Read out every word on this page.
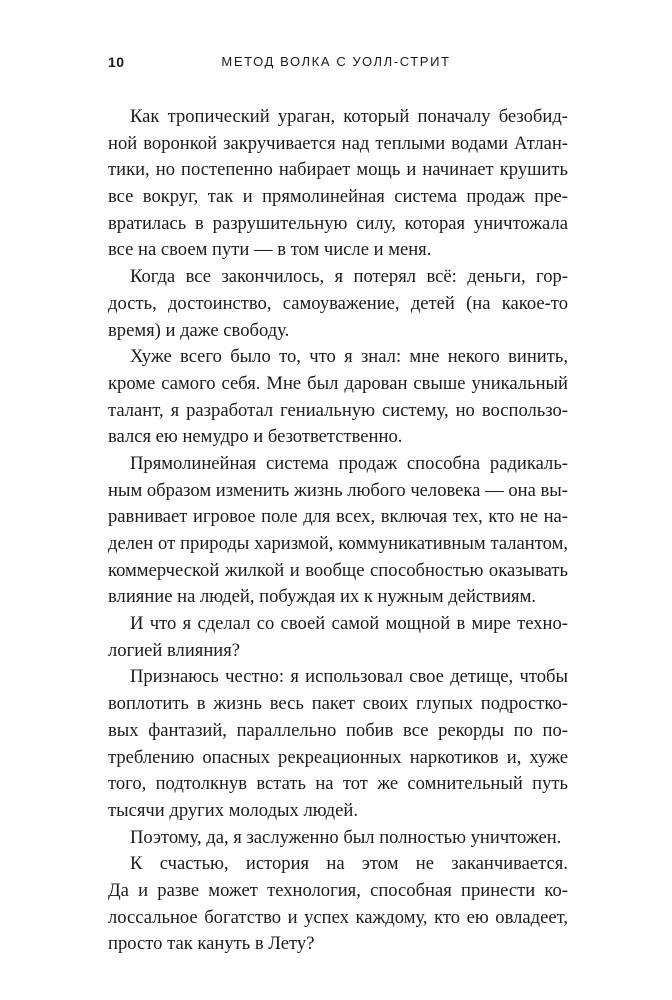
10	МЕТОД ВОЛКА С УОЛЛ-СТРИТ
Как тропический ураган, который поначалу безобид-
ной воронкой закручивается над теплыми водами Атлан-
тики, но постепенно набирает мощь и начинает крушить
все вокруг, так и прямолинейная система продаж пре-
вратилась в разрушительную силу, которая уничтожала
все на своем пути — в том числе и меня.
Когда все закончилось, я потерял всё: деньги, гор-
дость, достоинство, самоуважение, детей (на какое-то
время) и даже свободу.
Хуже всего было то, что я знал: мне некого винить,
кроме самого себя. Мне был дарован свыше уникальный
талант, я разработал гениальную систему, но воспользо-
вался ею немудро и безответственно.
Прямолинейная система продаж способна радикаль-
ным образом изменить жизнь любого человека — она вы-
равнивает игровое поле для всех, включая тех, кто не на-
делен от природы харизмой, коммуникативным талантом,
коммерческой жилкой и вообще способностью оказывать
влияние на людей, побуждая их к нужным действиям.
И что я сделал со своей самой мощной в мире техно-
логией влияния?
Признаюсь честно: я использовал свое детище, чтобы
воплотить в жизнь весь пакет своих глупых подростко-
вых фантазий, параллельно побив все рекорды по по-
треблению опасных рекреационных наркотиков и, хуже
того, подтолкнув встать на тот же сомнительный путь
тысячи других молодых людей.
Поэтому, да, я заслуженно был полностью уничтожен.
К счастью, история на этом не заканчивается.
Да и разве может технология, способная принести ко-
лоссальное богатство и успех каждому, кто ею овладеет,
просто так кануть в Лету?
